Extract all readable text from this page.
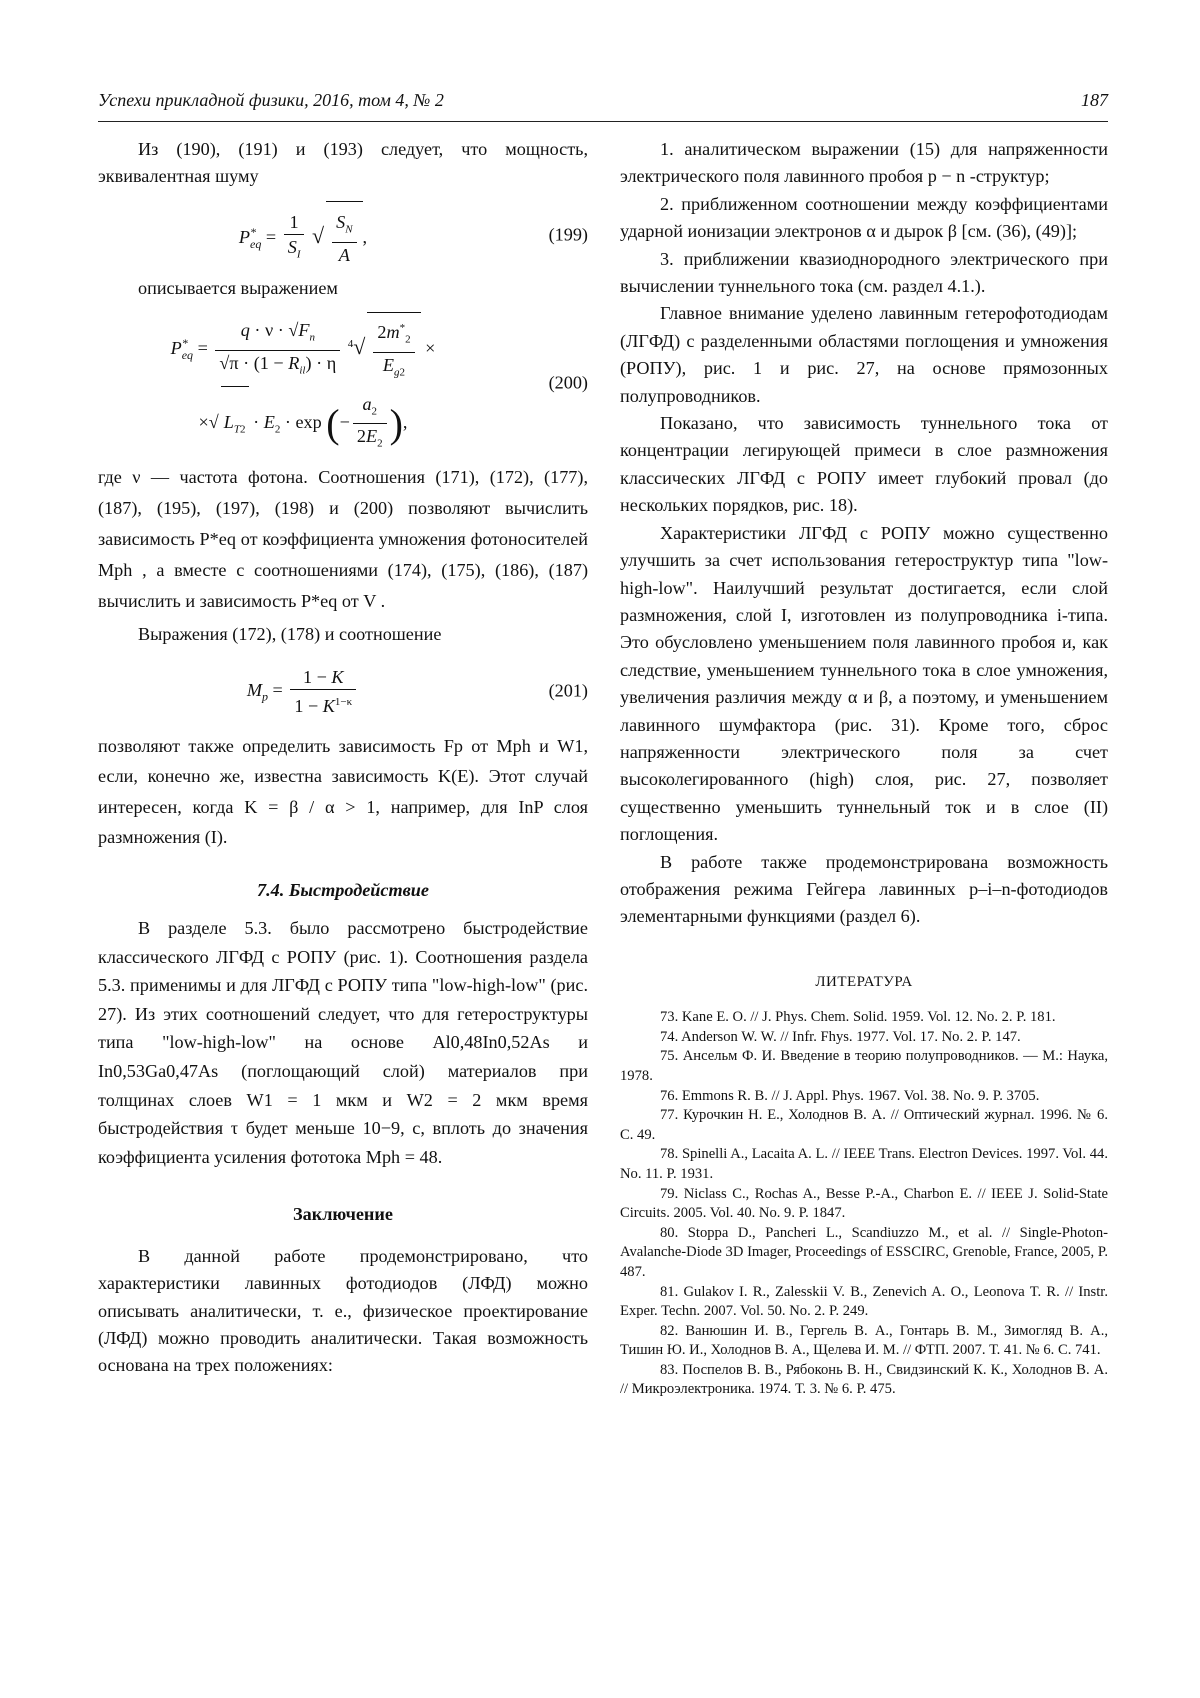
Успехи прикладной физики, 2016, том 4, № 2	187

Из (190), (191) и (193) следует, что мощность, эквивалентная шуму

$P^*_{eq} = \frac{1}{S_I}$ √ $\frac{S_N}{A}$ ,	(199)

описывается выражением

$P^*_{eq} = \frac{q \cdot \nu \cdot √F_n}{√\pi \cdot (1 - R_{il}) \cdot \eta} ^4√ \frac{2m^*_2}{E_{g2}}$ ×
×√ $L_{T2} \cdot E_2 \cdot \exp$ (− $\frac{a_2}{2E_2}$ ),
(200)

где ν — частота фотона. Соотношения (171), (172), (177), (187), (195), (197), (198) и (200) позволяют вычислить зависимость P*eq от коэффициента умножения фотоносителей Mph , а вместе с соотношениями (174), (175), (186), (187) вычислить и зависимость P*eq от V .

Выражения (172), (178) и соотношение

$M_p = \frac{1 - K}{1 - K^{1-\kappa}}$	(201)

позволяют также определить зависимость Fp от Mph и W1, если, конечно же, известна зависимость K(E). Этот случай интересен, когда K = β / α > 1, например, для InP слоя размножения (I).

7.4. Быстродействие

В разделе 5.3. было рассмотрено быстродействие классического ЛГФД с РОПУ (рис. 1). Соотношения раздела 5.3. применимы и для ЛГФД с РОПУ типа "low-high-low" (рис. 27). Из этих соотношений следует, что для гетероструктуры типа "low-high-low" на основе Al0,48In0,52As и In0,53Ga0,47As (поглощающий слой) материалов при толщинах слоев W1 = 1 мкм и W2 = 2 мкм время быстродействия τ будет меньше 10−9, с, вплоть до значения коэффициента усиления фототока Mph = 48.

Заключение

В данной работе продемонстрировано, что характеристики лавинных фотодиодов (ЛФД) можно описывать аналитически, т. е., физическое проектирование (ЛФД) можно проводить аналитически. Такая возможность основана на трех положениях:

1. аналитическом выражении (15) для напряженности электрического поля лавинного пробоя p − n -структур;

2. приближенном соотношении между коэффициентами ударной ионизации электронов α и дырок β [см. (36), (49)];

3. приближении квазиоднородного электрического при вычислении туннельного тока (см. раздел 4.1.).

Главное внимание уделено лавинным гетерофотодиодам (ЛГФД) с разделенными областями поглощения и умножения (РОПУ), рис. 1 и рис. 27, на основе прямозонных полупроводников.

Показано, что зависимость туннельного тока от концентрации легирующей примеси в слое размножения классических ЛГФД с РОПУ имеет глубокий провал (до нескольких порядков, рис. 18).

Характеристики ЛГФД с РОПУ можно существенно улучшить за счет использования гетероструктур типа "low-high-low". Наилучший результат достигается, если слой размножения, слой I, изготовлен из полупроводника i-типа. Это обусловлено уменьшением поля лавинного пробоя и, как следствие, уменьшением туннельного тока в слое умножения, увеличения различия между α и β, а поэтому, и уменьшением лавинного шумфактора (рис. 31). Кроме того, сброс напряженности электрического поля за счет высоколегированного (high) слоя, рис. 27, позволяет существенно уменьшить туннельный ток и в слое (II) поглощения.

В работе также продемонстрирована возможность отображения режима Гейгера лавинных p–i–n-фотодиодов элементарными функциями (раздел 6).

ЛИТЕРАТУРА

73. Kane E. O. // J. Phys. Chem. Solid. 1959. Vol. 12. No. 2. P. 181.

74. Anderson W. W. // Infr. Fhys. 1977. Vol. 17. No. 2. P. 147.

75. Ансельм Ф. И. Введение в теорию полупроводников. — М.: Наука, 1978.

76. Emmons R. B. // J. Appl. Phys. 1967. Vol. 38. No. 9. P. 3705.

77. Курочкин Н. Е., Холоднов В. А. // Оптический журнал. 1996. № 6. С. 49.

78. Spinelli A., Lacaita A. L. // IEEE Trans. Electron Devices. 1997. Vol. 44. No. 11. P. 1931.

79. Niclass C., Rochas A., Besse P.-A., Charbon E. // IEEE J. Solid-State Circuits. 2005. Vol. 40. No. 9. P. 1847.

80. Stoppa D., Pancheri L., Scandiuzzo M., et al. // Single-Photon-Avalanche-Diode 3D Imager, Proceedings of ESSCIRC, Grenoble, France, 2005, P. 487.

81. Gulakov I. R., Zalesskii V. B., Zenevich A. O., Leonova T. R. // Instr. Exper. Techn. 2007. Vol. 50. No. 2. P. 249.

82. Ванюшин И. В., Гергель В. А., Гонтарь В. М., Зимогляд В. А., Тишин Ю. И., Холоднов В. А., Щелева И. М. // ФТП. 2007. Т. 41. № 6. С. 741.

83. Поспелов В. В., Рябоконь В. Н., Свидзинский К. К., Холоднов В. А. // Микроэлектроника. 1974. Т. 3. № 6. Р. 475.
